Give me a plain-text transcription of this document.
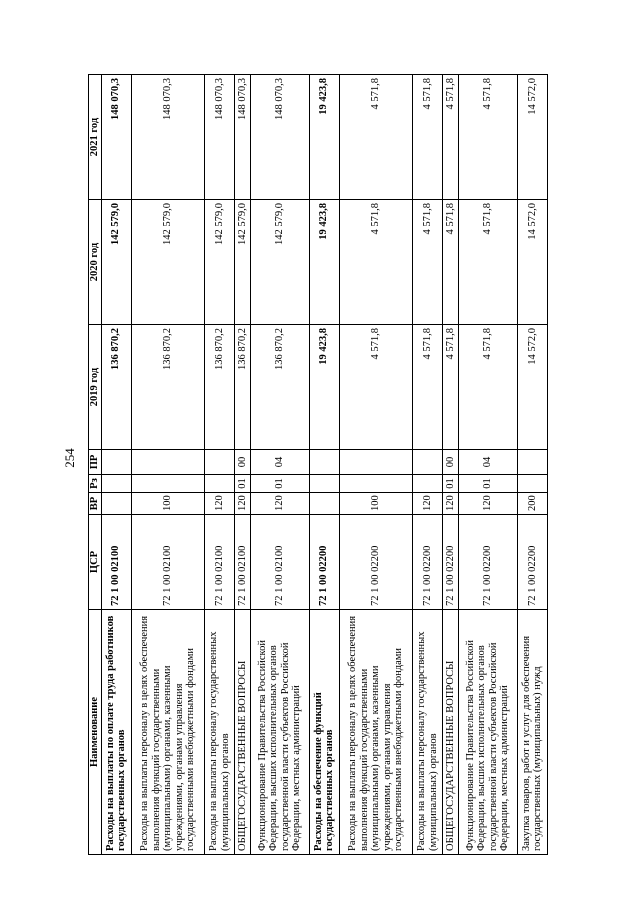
254
Наименование	ЦСР	ВР	Рз	ПР	2019 год	2020 год	2021 год
Расходы на выплаты по оплате труда работников государственных органов	72 1 00 02100				136 870,2	142 579,0	148 070,3
Расходы на выплаты персоналу в целях обеспечения выполнения функций государственными (муниципальными) органами, казенными учреждениями, органами управления государственными внебюджетными фондами	72 1 00 02100	100			136 870,2	142 579,0	148 070,3
Расходы на выплаты персоналу государственных (муниципальных) органов	72 1 00 02100	120			136 870,2	142 579,0	148 070,3
ОБЩЕГОСУДАРСТВЕННЫЕ ВОПРОСЫ	72 1 00 02100	120	01	00	136 870,2	142 579,0	148 070,3
Функционирование Правительства Российской Федерации, высших исполнительных органов государственной власти субъектов Российской Федерации, местных администраций	72 1 00 02100	120	01	04	136 870,2	142 579,0	148 070,3
Расходы на обеспечение функций государственных органов	72 1 00 02200				19 423,8	19 423,8	19 423,8
Расходы на выплаты персоналу в целях обеспечения выполнения функций государственными (муниципальными) органами, казенными учреждениями, органами управления государственными внебюджетными фондами	72 1 00 02200	100			4 571,8	4 571,8	4 571,8
Расходы на выплаты персоналу государственных (муниципальных) органов	72 1 00 02200	120			4 571,8	4 571,8	4 571,8
ОБЩЕГОСУДАРСТВЕННЫЕ ВОПРОСЫ	72 1 00 02200	120	01	00	4 571,8	4 571,8	4 571,8
Функционирование Правительства Российской Федерации, высших исполнительных органов государственной власти субъектов Российской Федерации, местных администраций	72 1 00 02200	120	01	04	4 571,8	4 571,8	4 571,8
Закупка товаров, работ и услуг для обеспечения государственных (муниципальных) нужд	72 1 00 02200	200			14 572,0	14 572,0	14 572,0
